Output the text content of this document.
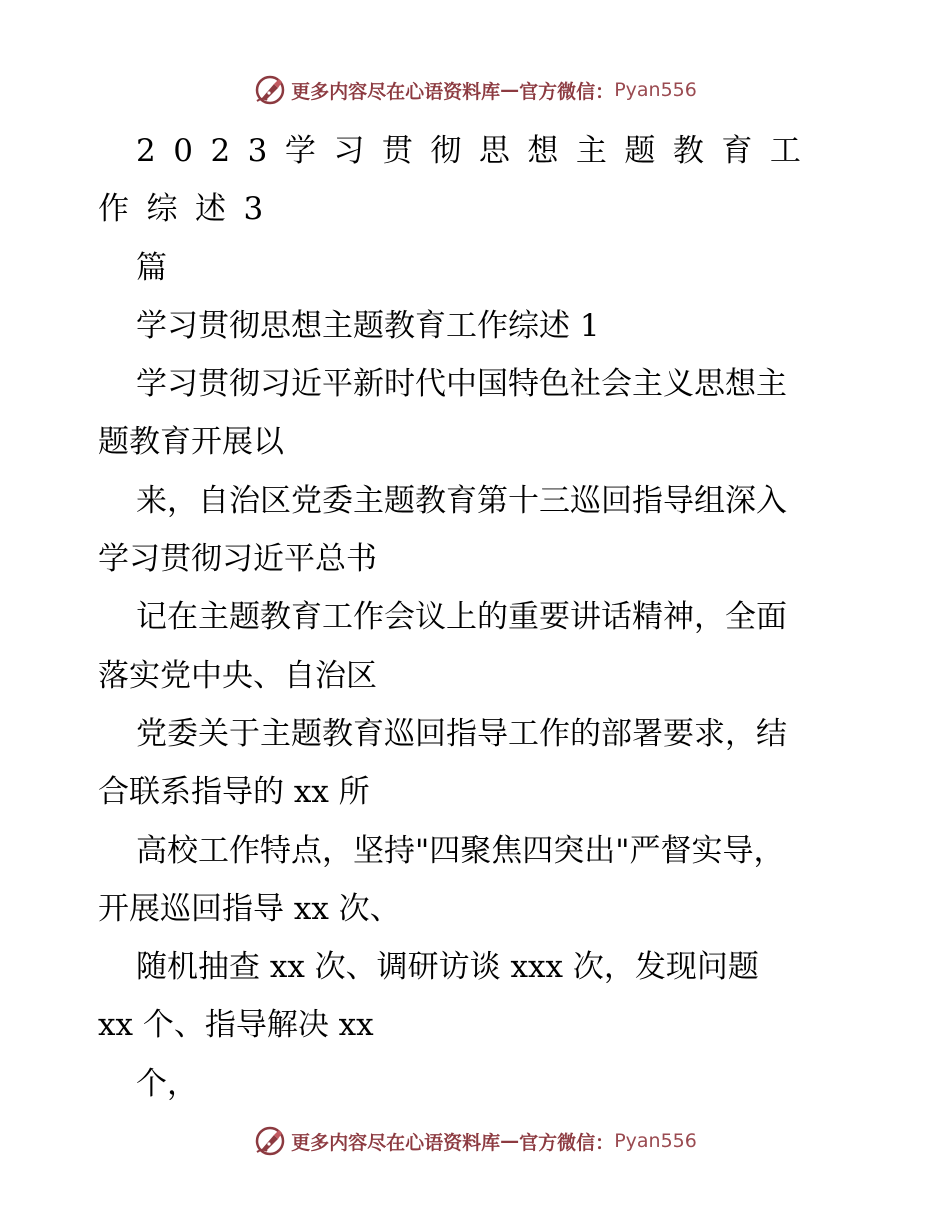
更多内容尽在心语资料库 — 官方微信： Pyan556
2023学习贯彻思想主题教育工
作综述3
篇
学习贯彻思想主题教育工作综述 1
学习贯彻习近平新时代中国特色社会主义思想主
题教育开展以
来，自治区党委主题教育第十三巡回指导组深入
学习贯彻习近平总书
记在主题教育工作会议上的重要讲话精神，全面
落实党中央、自治区
党委关于主题教育巡回指导工作的部署要求，结
合联系指导的 xx 所
高校工作特点，坚持"四聚焦四突出"严督实导，
开展巡回指导 xx 次、
随机抽查 xx 次、调研访谈 xxx 次，发现问题
xx 个、指导解决 xx
个，
更多内容尽在心语资料库 — 官方微信： Pyan556
